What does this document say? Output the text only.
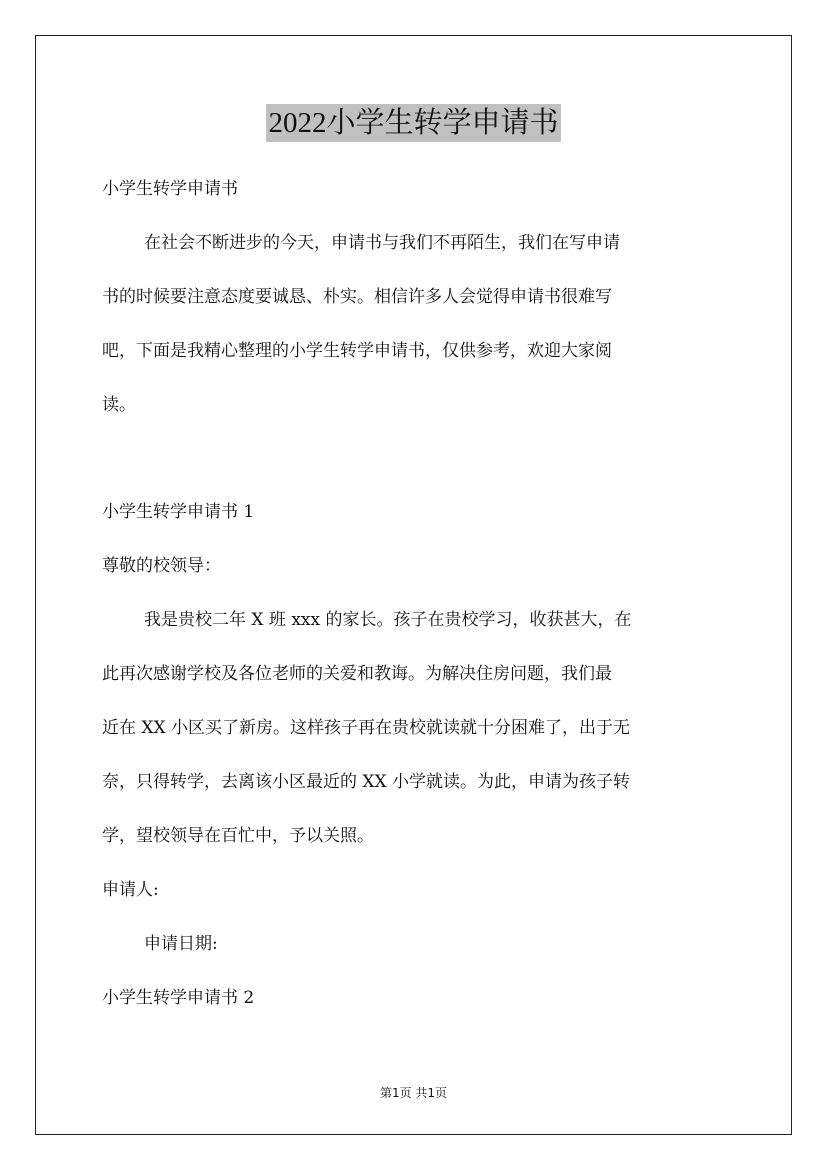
2022小学生转学申请书
小学生转学申请书
在社会不断进步的今天，申请书与我们不再陌生，我们在写申请
书的时候要注意态度要诚恳、朴实。相信许多人会觉得申请书很难写
吧，下面是我精心整理的小学生转学申请书，仅供参考，欢迎大家阅
读。
小学生转学申请书 1
尊敬的校领导：
我是贵校二年 X 班 xxx 的家长。孩子在贵校学习，收获甚大，在
此再次感谢学校及各位老师的关爱和教诲。为解决住房问题，我们最
近在 XX 小区买了新房。这样孩子再在贵校就读就十分困难了，出于无
奈，只得转学，去离该小区最近的 XX 小学就读。为此，申请为孩子转
学，望校领导在百忙中，予以关照。
申请人:
申请日期:
小学生转学申请书 2
第1页 共1页
